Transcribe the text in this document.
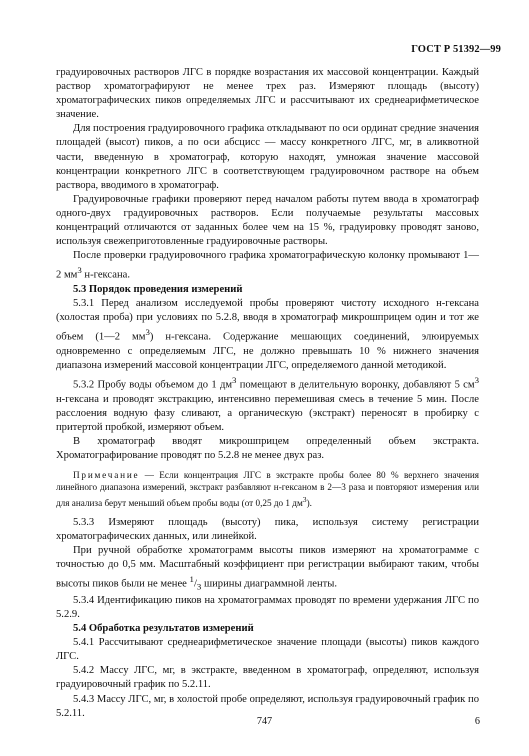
ГОСТ Р 51392—99

градуировочных растворов ЛГС в порядке возрастания их массовой концентрации. Каждый раствор хроматографируют не менее трех раз. Измеряют площадь (высоту) хроматографических пиков определяемых ЛГС и рассчитывают их среднеарифметическое значение.

Для построения градуировочного графика откладывают по оси ординат средние значения площадей (высот) пиков, а по оси абсцисс — массу конкретного ЛГС, мг, в аликвотной части, введенную в хроматограф, которую находят, умножая значение массовой концентрации конкретного ЛГС в соответствующем градуировочном растворе на объем раствора, вводимого в хроматограф.

Градуировочные графики проверяют перед началом работы путем ввода в хроматограф одного-двух градуировочных растворов. Если получаемые результаты массовых концентраций отличаются от заданных более чем на 15 %, градуировку проводят заново, используя свежеприготовленные градуировочные растворы.

После проверки градуировочного графика хроматографическую колонку промывают 1—2 $мм^3$ н-гексана.

5.3 Порядок проведения измерений

5.3.1 Перед анализом исследуемой пробы проверяют чистоту исходного н-гексана (холостая проба) при условиях по 5.2.8, вводя в хроматограф микрошприцем один и тот же объем (1—2 $мм^3$) н-гексана. Содержание мешающих соединений, элюируемых одновременно с определяемым ЛГС, не должно превышать 10 % нижнего значения диапазона измерений массовой концентрации ЛГС, определяемого данной методикой.

5.3.2 Пробу воды объемом до 1 $дм^3$ помещают в делительную воронку, добавляют 5 $см^3$ н-гексана и проводят экстракцию, интенсивно перемешивая смесь в течение 5 мин. После расслоения водную фазу сливают, а органическую (экстракт) переносят в пробирку с притертой пробкой, измеряют объем.

В хроматограф вводят микрошприцем определенный объем экстракта. Хроматографирование проводят по 5.2.8 не менее двух раз.

Примечание — Если концентрация ЛГС в экстракте пробы более 80 % верхнего значения линейного диапазона измерений, экстракт разбавляют н-гексаном в 2—3 раза и повторяют измерения или для анализа берут меньший объем пробы воды (от 0,25 до 1 $дм^3$).

5.3.3 Измеряют площадь (высоту) пика, используя систему регистрации хроматографических данных, или линейкой.

При ручной обработке хроматограмм высоты пиков измеряют на хроматограмме с точностью до 0,5 мм. Масштабный коэффициент при регистрации выбирают таким, чтобы высоты пиков были не менее $^1/_3$ ширины диаграммной ленты.

5.3.4 Идентификацию пиков на хроматограммах проводят по времени удержания ЛГС по 5.2.9.

5.4 Обработка результатов измерений

5.4.1 Рассчитывают среднеарифметическое значение площади (высоты) пиков каждого ЛГС.

5.4.2 Массу ЛГС, мг, в экстракте, введенном в хроматограф, определяют, используя градуировочный график по 5.2.11.

5.4.3 Массу ЛГС, мг, в холостой пробе определяют, используя градуировочный график по 5.2.11.

747	6
